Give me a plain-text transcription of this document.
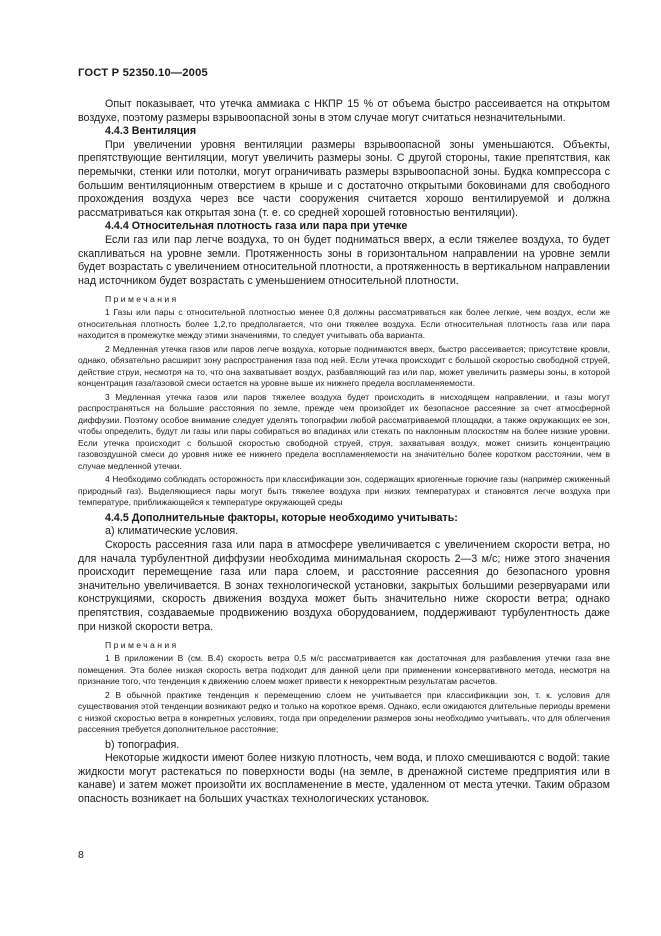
ГОСТ Р 52350.10—2005

Опыт показывает, что утечка аммиака с НКПР 15 % от объема быстро рассеивается на открытом воздухе, поэтому размеры взрывоопасной зоны в этом случае могут считаться незначительными.

4.4.3 Вентиляция

При увеличении уровня вентиляции размеры взрывоопасной зоны уменьшаются. Объекты, препятствующие вентиляции, могут увеличить размеры зоны. С другой стороны, такие препятствия, как перемычки, стенки или потолки, могут ограничивать размеры взрывоопасной зоны. Будка компрессора с большим вентиляционным отверстием в крыше и с достаточно открытыми боковинами для свободного прохождения воздуха через все части сооружения считается хорошо вентилируемой и должна рассматриваться как открытая зона (т. е. со средней хорошей готовностью вентиляции).

4.4.4 Относительная плотность газа или пара при утечке

Если газ или пар легче воздуха, то он будет подниматься вверх, а если тяжелее воздуха, то будет скапливаться на уровне земли. Протяженность зоны в горизонтальном направлении на уровне земли будет возрастать с увеличением относительной плотности, а протяженность в вертикальном направлении над источником будет возрастать с уменьшением относительной плотности.

Примечания

1 Газы или пары с относительной плотностью менее 0,8 должны рассматриваться как более легкие, чем воздух, если же относительная плотность более 1,2,то предполагается, что они тяжелее воздуха. Если относительная плотность газа или пара находится в промежутке между этими значениями, то следует учитывать оба варианта.

2 Медленная утечка газов или паров легче воздуха, которые поднимаются вверх, быстро рассеивается; присутствие кровли, однако, обязательно расширит зону распространения газа под ней. Если утечка происходит с большой скоростью свободной струей, действие струи, несмотря на то, что она захватывает воздух, разбавляющий газ или пар, может увеличить размеры зоны, в которой концентрация газа/газовой смеси остается на уровне выше их нижнего предела воспламеняемости.

3 Медленная утечка газов или паров тяжелее воздуха будет происходить в нисходящем направлении, и газы могут распространяться на большие расстояния по земле, прежде чем произойдет их безопасное рассеяние за счет атмосферной диффузии. Поэтому особое внимание следует уделять топографии любой рассматриваемой площадки, а также окружающих ее зон, чтобы определить, будут ли газы или пары собираться во впадинах или стекать по наклонным плоскостям на более низкие уровни. Если утечка происходит с большой скоростью свободной струей, струя, захватывая воздух, может снизить концентрацию газовоздушной смеси до уровня ниже ее нижнего предела воспламеняемости на значительно более коротком расстоянии, чем в случае медленной утечки.

4 Необходимо соблюдать осторожность при классификации зон, содержащих криогенные горючие газы (например сжиженный природный газ). Выделяющиеся пары могут быть тяжелее воздуха при низких температурах и становятся легче воздуха при температуре, приближающейся к температуре окружающей среды

4.4.5 Дополнительные факторы, которые необходимо учитывать:

а) климатические условия.

Скорость рассеяния газа или пара в атмосфере увеличивается с увеличением скорости ветра, но для начала турбулентной диффузии необходима минимальная скорость 2—3 м/с; ниже этого значения происходит перемещение газа или пара слоем, и расстояние рассеяния до безопасного уровня значительно увеличивается. В зонах технологической установки, закрытых большими резервуарами или конструкциями, скорость движения воздуха может быть значительно ниже скорости ветра; однако препятствия, создаваемые продвижению воздуха оборудованием, поддерживают турбулентность даже при низкой скорости ветра.

Примечания

1 В приложении В (см. В.4) скорость ветра 0,5 м/с рассматривается как достаточная для разбавления утечки газа вне помещения. Эта более низкая скорость ветра подходит для данной цели при применении консервативного метода, несмотря на признание того, что тенденция к движению слоем может привести к некорректным результатам расчетов.

2 В обычной практике тенденция к перемещению слоем не учитывается при классификации зон, т. к. условия для существования этой тенденции возникают редко и только на короткое время. Однако, если ожидаются длительные периоды времени с низкой скоростью ветра в конкретных условиях, тогда при определении размеров зоны необходимо учитывать, что для облегчения рассеяния требуется дополнительное расстояние;

b) топография.

Некоторые жидкости имеют более низкую плотность, чем вода, и плохо смешиваются с водой: такие жидкости могут растекаться по поверхности воды (на земле, в дренажной системе предприятия или в канаве) и затем может произойти их воспламенение в месте, удаленном от места утечки. Таким образом опасность возникает на больших участках технологических установок.

8
